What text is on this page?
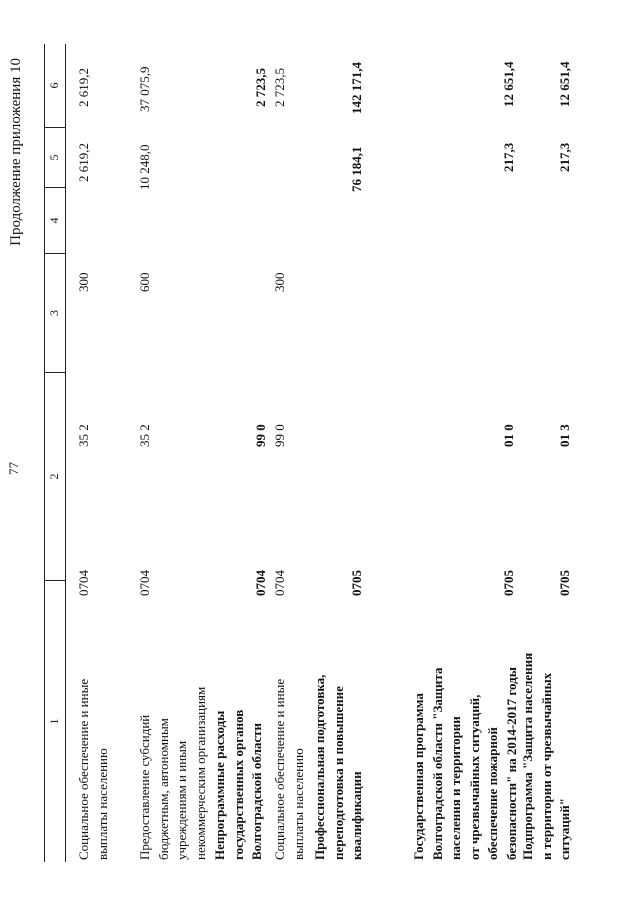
77
Продолжение приложения 10
1
2
3
4
5
6
Социальное обеспечение и иные
выплаты населению
0704
35 2
300
2 619,2
2 619,2
Предоставление субсидий
бюджетным, автономным
учреждениям и иным
некоммерческим организациям
0704
35 2
600
10 248,0
37 075,9
Непрограммные расходы
государственных органов
Волгоградской области
0704
99 0
2 723,5
Социальное обеспечение и иные
выплаты населению
0704
99 0
300
2 723,5
Профессиональная подготовка,
переподготовка и повышение
квалификации
0705
76 184,1
142 171,4
Государственная программа
Волгоградской области "Защита
населения и территории
от чрезвычайных ситуаций,
обеспечение пожарной
безопасности" на 2014-2017 годы
0705
01 0
217,3
12 651,4
Подпрограмма "Защита населения
и территории от чрезвычайных
ситуаций"
0705
01 3
217,3
12 651,4
